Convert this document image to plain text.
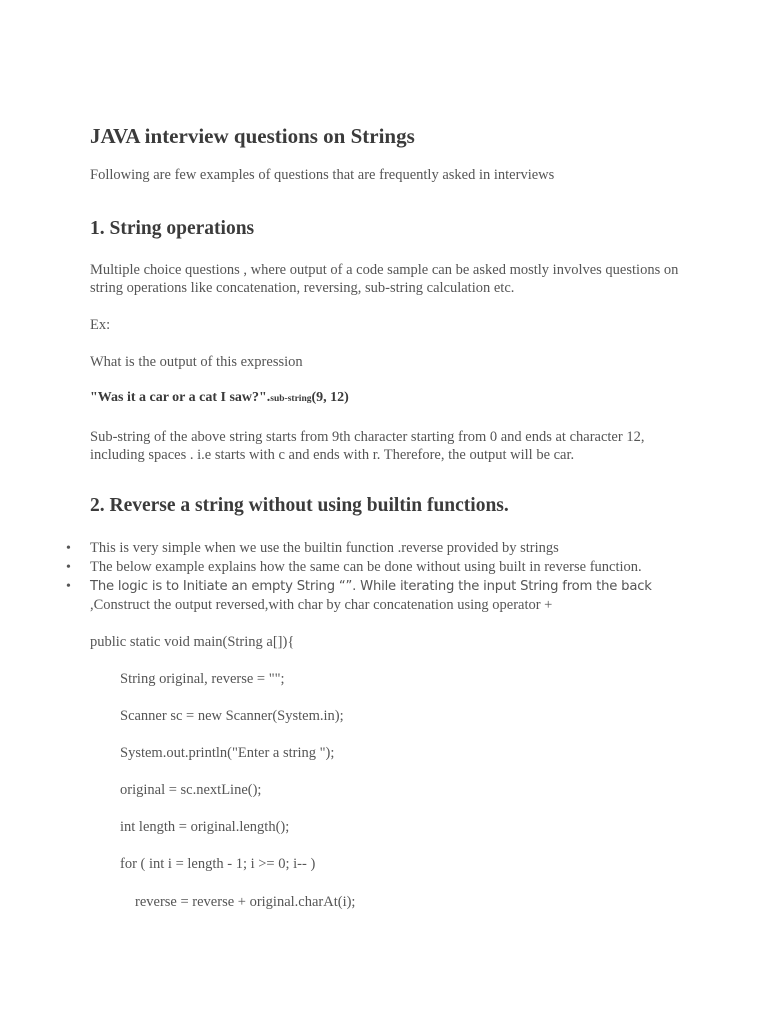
JAVA interview questions on Strings
Following are few examples of questions that are frequently asked in interviews
1. String operations
Multiple choice questions , where output of a code sample can be asked mostly involves questions on string operations like concatenation, reversing, sub-string calculation etc.
Ex:
What is the output of this expression
"Was it a car or a cat I saw?".sub-string(9, 12)
Sub-string of the above string starts from 9th character starting from 0 and ends at character 12, including spaces . i.e starts with c and ends with r. Therefore, the output will be car.
2. Reverse a string without using builtin functions.
•	This is very simple when we use the builtin function .reverse provided by strings
•	The below example explains how the same can be done without using built in reverse function.
•	The logic is to Initiate an empty String “”. While iterating the input String from the back
,Construct the output reversed,with char by char concatenation using operator +
public static void main(String a[]){
String original, reverse = "";
Scanner sc = new Scanner(System.in);
System.out.println("Enter a string ");
original = sc.nextLine();
int length = original.length();
for ( int i = length - 1; i >= 0; i-- )
reverse = reverse + original.charAt(i);
